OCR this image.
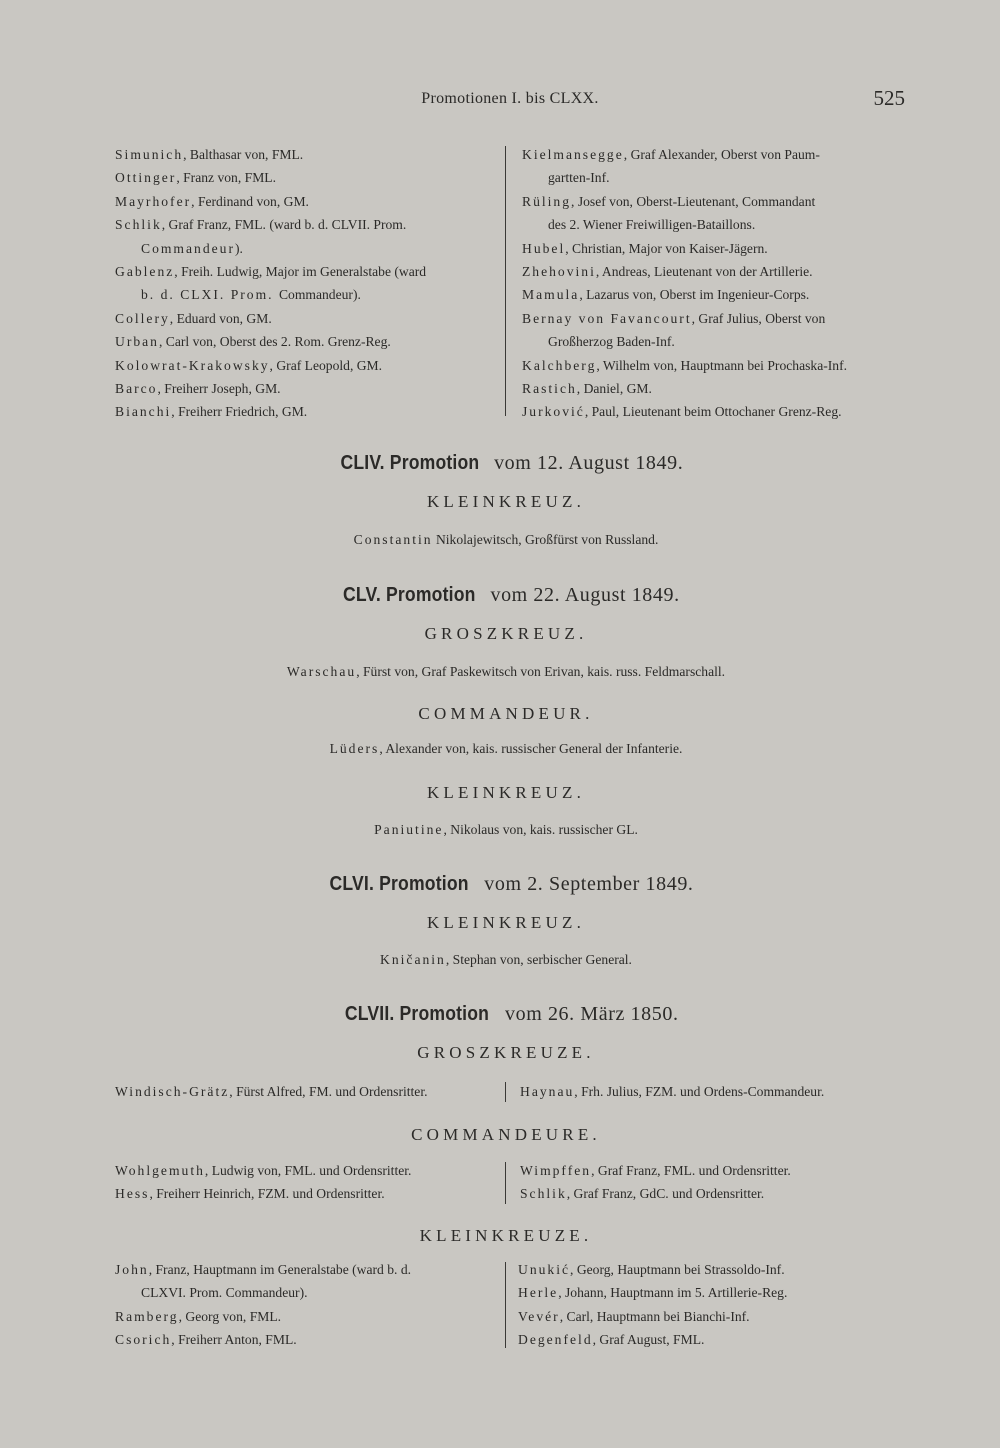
Promotionen I. bis CLXX.	525
Simunich, Balthasar von, FML.
Ottinger, Franz von, FML.
Mayrhofer, Ferdinand von, GM.
Schlik, Graf Franz, FML. (ward b. d. CLVII. Prom.
Commandeur).
Gablenz, Freih. Ludwig, Major im Generalstabe (ward
b. d. CLXI. Prom. Commandeur).
Collery, Eduard von, GM.
Urban, Carl von, Oberst des 2. Rom. Grenz-Reg.
Kolowrat-Krakowsky, Graf Leopold, GM.
Barco, Freiherr Joseph, GM.
Bianchi, Freiherr Friedrich, GM.
Kielmansegge, Graf Alexander, Oberst von Paum-
gartten-Inf.
Rüling, Josef von, Oberst-Lieutenant, Commandant
des 2. Wiener Freiwilligen-Bataillons.
Hubel, Christian, Major von Kaiser-Jägern.
Zhehovini, Andreas, Lieutenant von der Artillerie.
Mamula, Lazarus von, Oberst im Ingenieur-Corps.
Bernay von Favancourt, Graf Julius, Oberst von
Großherzog Baden-Inf.
Kalchberg, Wilhelm von, Hauptmann bei Prochaska-Inf.
Rastich, Daniel, GM.
Jurković, Paul, Lieutenant beim Ottochaner Grenz-Reg.
CLIV. Promotion vom 12. August 1849.
KLEINKREUZ.
Constantin Nikolajewitsch, Großfürst von Russland.
CLV. Promotion vom 22. August 1849.
GROSZKREUZ.
Warschau, Fürst von, Graf Paskewitsch von Erivan, kais. russ. Feldmarschall.
COMMANDEUR.
Lüders, Alexander von, kais. russischer General der Infanterie.
KLEINKREUZ.
Paniutine, Nikolaus von, kais. russischer GL.
CLVI. Promotion vom 2. September 1849.
KLEINKREUZ.
Kničanin, Stephan von, serbischer General.
CLVII. Promotion vom 26. März 1850.
GROSZKREUZE.
Windisch-Grätz, Fürst Alfred, FM. und Ordensritter.	Haynau, Frh. Julius, FZM. und Ordens-Commandeur.
COMMANDEURE.
Wohlgemuth, Ludwig von, FML. und Ordensritter.
Hess, Freiherr Heinrich, FZM. und Ordensritter.
Wimpffen, Graf Franz, FML. und Ordensritter.
Schlik, Graf Franz, GdC. und Ordensritter.
KLEINKREUZE.
John, Franz, Hauptmann im Generalstabe (ward b. d.
CLXVI. Prom. Commandeur).
Ramberg, Georg von, FML.
Csorich, Freiherr Anton, FML.
Unukić, Georg, Hauptmann bei Strassoldo-Inf.
Herle, Johann, Hauptmann im 5. Artillerie-Reg.
Vevér, Carl, Hauptmann bei Bianchi-Inf.
Degenfeld, Graf August, FML.
